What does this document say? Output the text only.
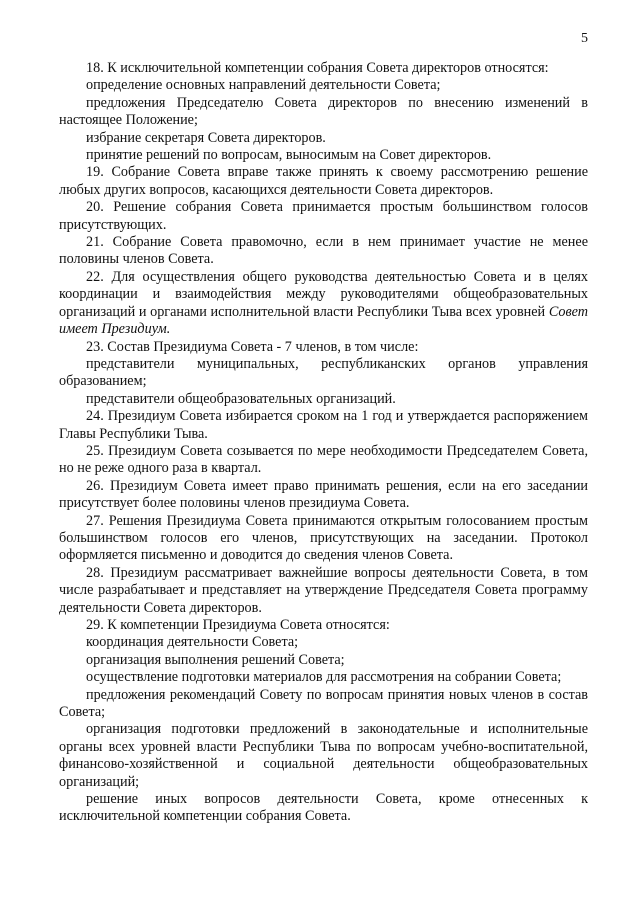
5

18. К исключительной компетенции собрания Совета директоров относятся:

определение основных направлений деятельности Совета;

предложения Председателю Совета директоров по внесению изменений в настоящее Положение;

избрание секретаря Совета директоров.

принятие решений по вопросам, выносимым на Совет директоров.

19. Собрание Совета вправе также принять к своему рассмотрению решение любых других вопросов, касающихся деятельности Совета директоров.

20. Решение собрания Совета принимается простым большинством голосов присутствующих.

21. Собрание Совета правомочно, если в нем принимает участие не менее половины членов Совета.

22. Для осуществления общего руководства деятельностью Совета и в целях координации и взаимодействия между руководителями общеобразовательных организаций и органами исполнительной власти Республики Тыва всех уровней Совет имеет Президиум.

23. Состав Президиума Совета - 7 членов, в том числе:

представители муниципальных, республиканских органов управления образованием;

представители общеобразовательных организаций.

24. Президиум Совета избирается сроком на 1 год и утверждается распоряжением Главы Республики Тыва.

25. Президиум Совета созывается по мере необходимости Председателем Совета, но не реже одного раза в квартал.

26. Президиум Совета имеет право принимать решения, если на его заседании присутствует более половины членов президиума Совета.

27. Решения Президиума Совета принимаются открытым голосованием простым большинством голосов его членов, присутствующих на заседании. Протокол оформляется письменно и доводится до сведения членов Совета.

28. Президиум рассматривает важнейшие вопросы деятельности Совета, в том числе разрабатывает и представляет на утверждение Председателя Совета программу деятельности Совета директоров.

29. К компетенции Президиума Совета относятся:

координация деятельности Совета;

организация выполнения решений Совета;

осуществление подготовки материалов для рассмотрения на собрании Совета;

предложения рекомендаций Совету по вопросам принятия новых членов в состав Совета;

организация подготовки предложений в законодательные и исполнительные органы всех уровней власти Республики Тыва по вопросам учебно-воспитательной, финансово-хозяйственной и социальной деятельности общеобразовательных организаций;

решение иных вопросов деятельности Совета, кроме отнесенных к исключительной компетенции собрания Совета.
